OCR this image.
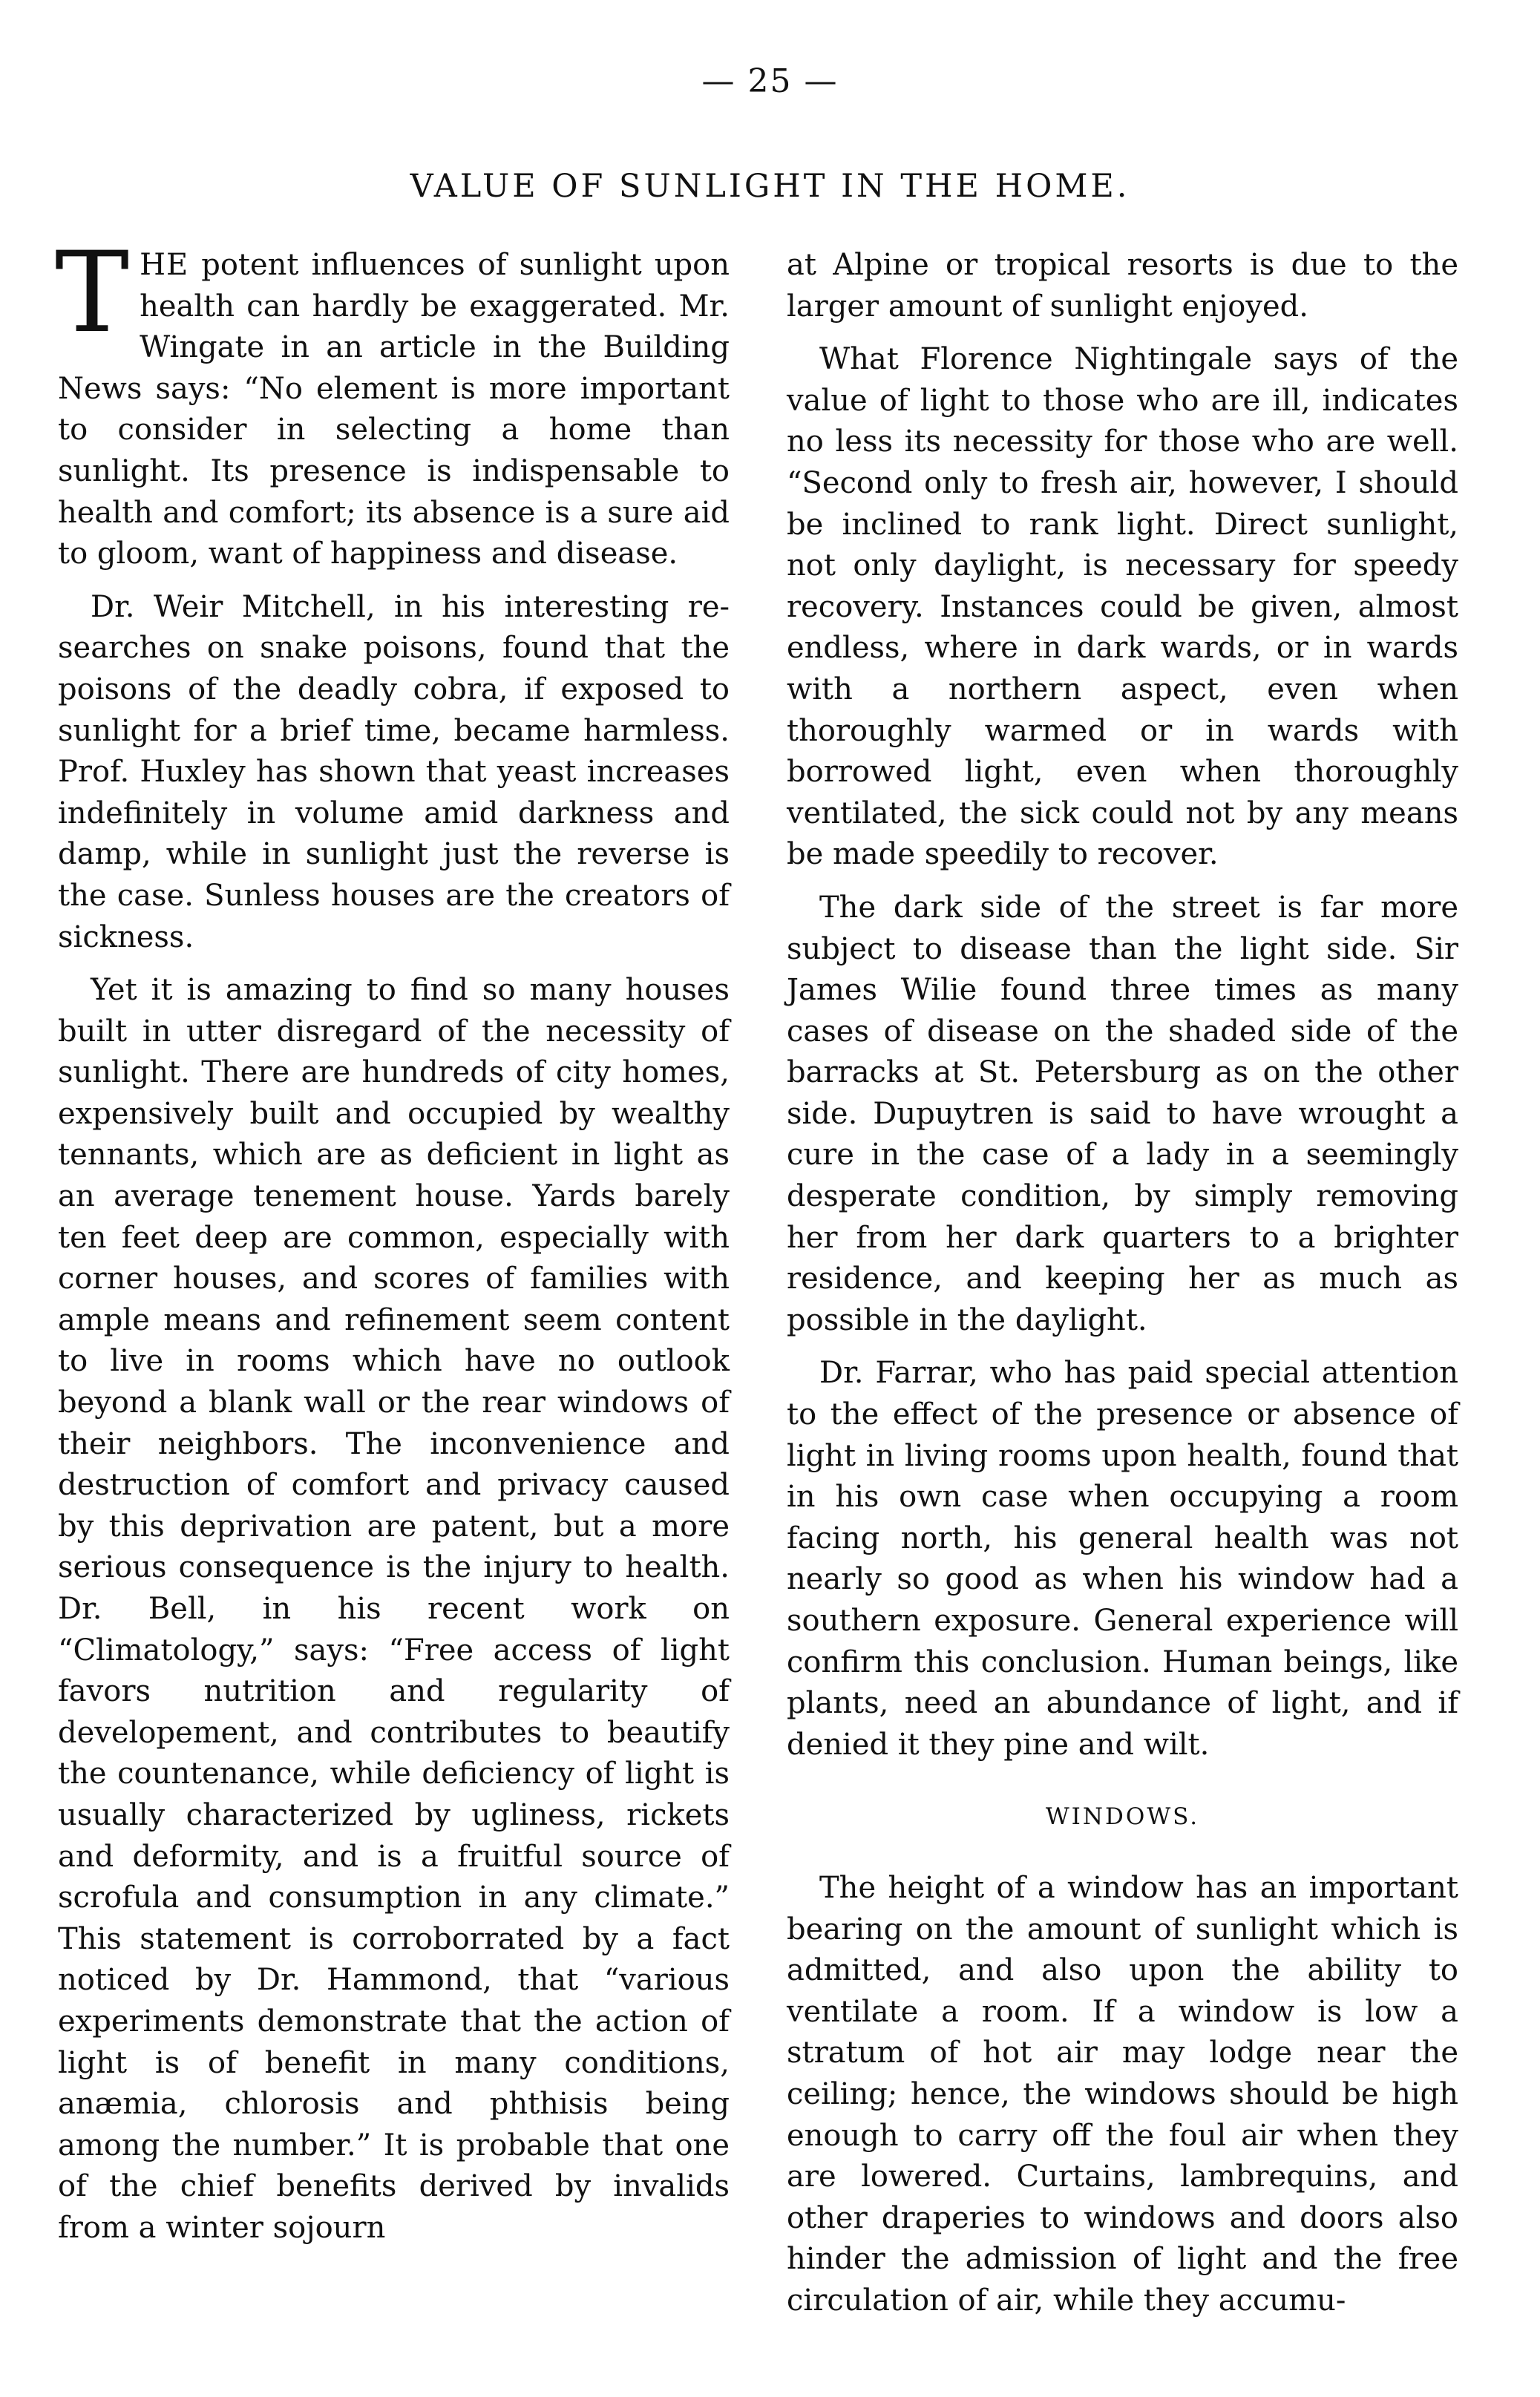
— 25 —
VALUE OF SUNLIGHT IN THE HOME.

THE potent influences of sunlight upon health can hardly be exaggerated. Mr. Wingate in an article in the Building News says: “No element is more important to consider in selecting a home than sunlight. Its presence is indispensable to health and comfort; its absence is a sure aid to gloom, want of happiness and disease.

Dr. Weir Mitchell, in his interesting researches on snake poisons, found that the poisons of the deadly cobra, if exposed to sunlight for a brief time, became harmless. Prof. Huxley has shown that yeast increases indefinitely in volume amid darkness and damp, while in sunlight just the reverse is the case. Sunless houses are the creators of sickness.

Yet it is amazing to find so many houses built in utter disregard of the necessity of sunlight. There are hundreds of city homes, expensively built and occupied by wealthy tennants, which are as deficient in light as an average tenement house. Yards barely ten feet deep are common, especially with corner houses, and scores of families with ample means and refinement seem content to live in rooms which have no outlook beyond a blank wall or the rear windows of their neighbors. The inconvenience and destruction of comfort and privacy caused by this deprivation are patent, but a more serious consequence is the injury to health. Dr. Bell, in his recent work on “Climatology,” says: “Free access of light favors nutrition and regularity of developement, and contributes to beautify the countenance, while deficiency of light is usually characterized by ugliness, rickets and deformity, and is a fruitful source of scrofula and consumption in any climate.” This statement is corroborrated by a fact noticed by Dr. Hammond, that “various experiments demonstrate that the action of light is of benefit in many conditions, anæmia, chlorosis and phthisis being among the number.” It is probable that one of the chief benefits derived by invalids from a winter sojourn

at Alpine or tropical resorts is due to the larger amount of sunlight enjoyed.

What Florence Nightingale says of the value of light to those who are ill, indicates no less its necessity for those who are well. “Second only to fresh air, however, I should be inclined to rank light. Direct sunlight, not only daylight, is necessary for speedy recovery. Instances could be given, almost endless, where in dark wards, or in wards with a northern aspect, even when thoroughly warmed or in wards with borrowed light, even when thoroughly ventilated, the sick could not by any means be made speedily to recover.

The dark side of the street is far more subject to disease than the light side. Sir James Wilie found three times as many cases of disease on the shaded side of the barracks at St. Petersburg as on the other side. Dupuytren is said to have wrought a cure in the case of a lady in a seemingly desperate condition, by simply removing her from her dark quarters to a brighter residence, and keeping her as much as possible in the daylight.

Dr. Farrar, who has paid special attention to the effect of the presence or absence of light in living rooms upon health, found that in his own case when occupying a room facing north, his general health was not nearly so good as when his window had a southern exposure. General experience will confirm this conclusion. Human beings, like plants, need an abundance of light, and if denied it they pine and wilt.

WINDOWS.

The height of a window has an important bearing on the amount of sunlight which is admitted, and also upon the ability to ventilate a room. If a window is low a stratum of hot air may lodge near the ceiling; hence, the windows should be high enough to carry off the foul air when they are lowered. Curtains, lambrequins, and other draperies to windows and doors also hinder the admission of light and the free circulation of air, while they accumu-
